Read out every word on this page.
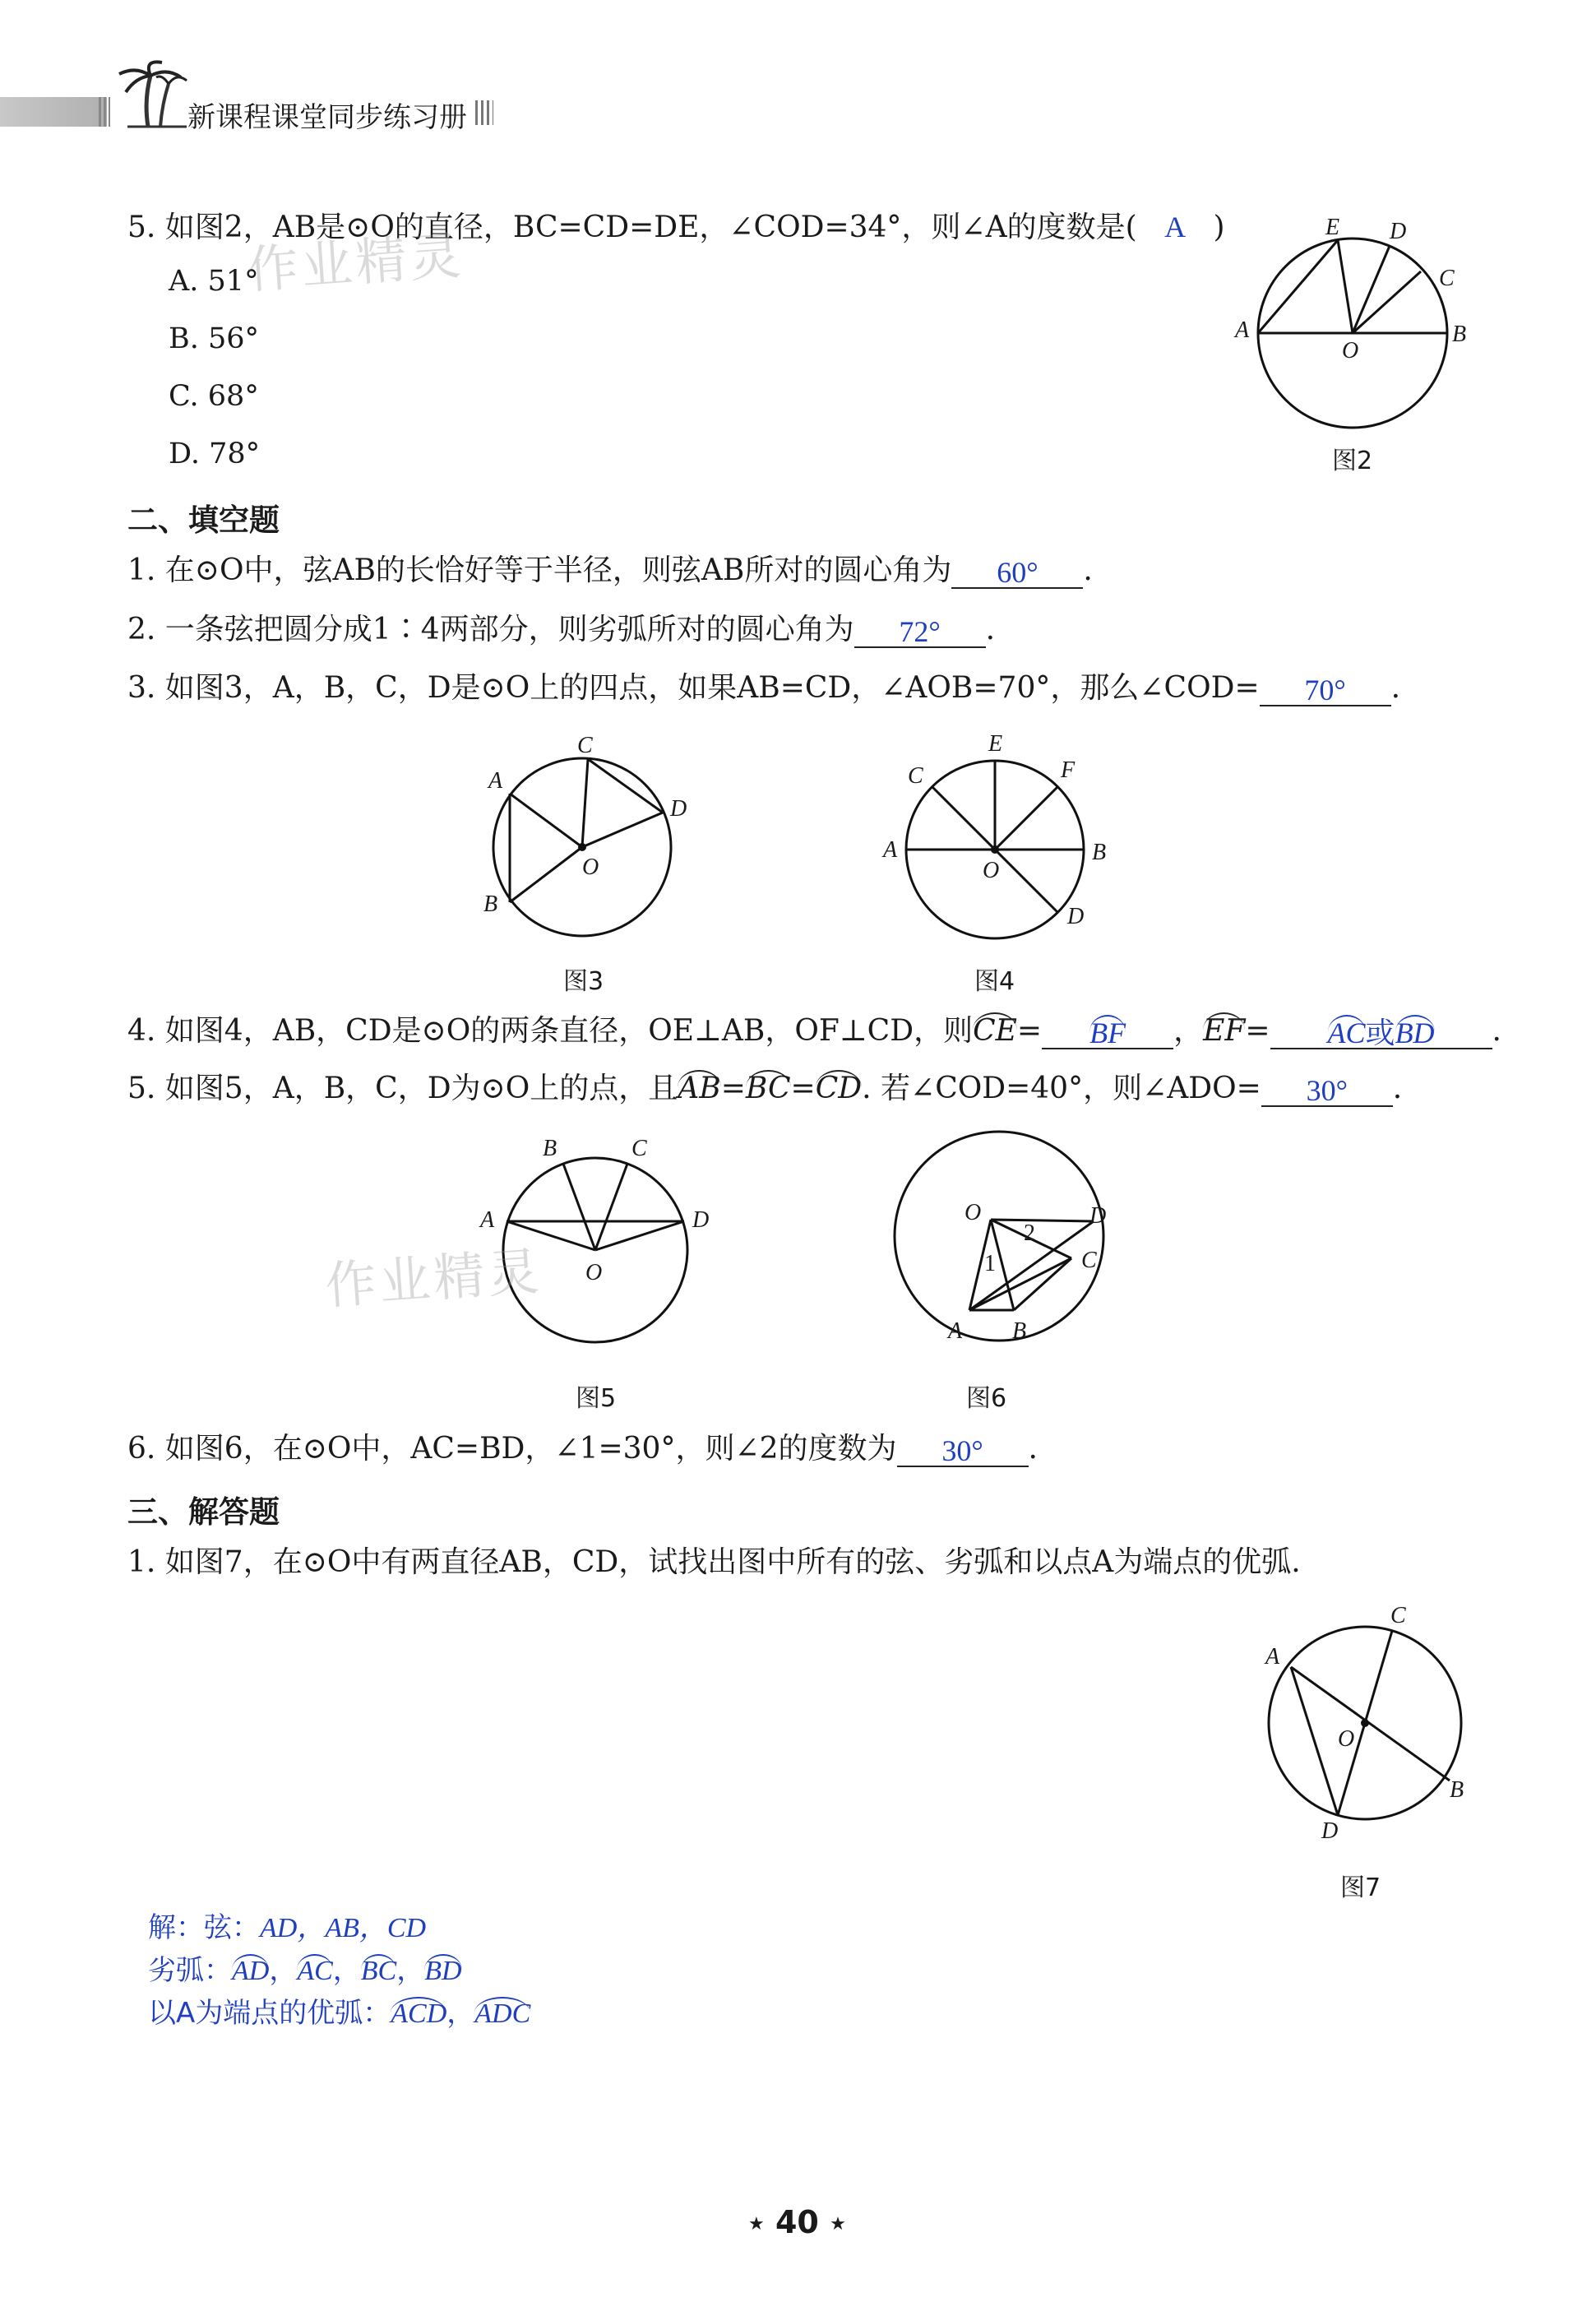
新课程课堂同步练习册
5. 如图2，AB是⊙O的直径，BC=CD=DE，∠COD=34°，则∠A的度数是( A )
A. 51°
B. 56°
C. 68°
D. 78°
作业精灵	E D
C
A
O
B
图2
二、填空题
1. 在⊙O中，弦AB的长恰好等于半径，则弦AB所对的圆心角为 60° .
2. 一条弦把圆分成1∶4两部分，则劣弧所对的圆心角为 72° .
3. 如图3，A，B，C，D是⊙O上的四点，如果AB=CD，∠AOB=70°，那么∠COD= 70° .
C
A
D
O
B
图3
E
C	F
A
O
B
D
图4
4. 如图4，AB，CD是⊙O的两条直径，OE⊥AB，OF⊥CD，则CE= BF ，EF= AC或BD .
5. 如图5，A，B，C，D为⊙O上的点，且AB=BC=CD. 若∠COD=40°，则∠ADO= 30° .
B	C
A	D
O
作业精灵
图5
O
2
D
1	C
A B
图6
6. 如图6，在⊙O中，AC=BD，∠1=30°，则∠2的度数为 30° .
三、解答题
1. 如图7，在⊙O中有两直径AB，CD，试找出图中所有的弦、劣弧和以点A为端点的优弧.
C
A
O
B
D
图7
解：弦：AD，AB，CD
劣弧：AD，AC，BC，BD
以A为端点的优弧：ACD，ADC
★ 40 ★
